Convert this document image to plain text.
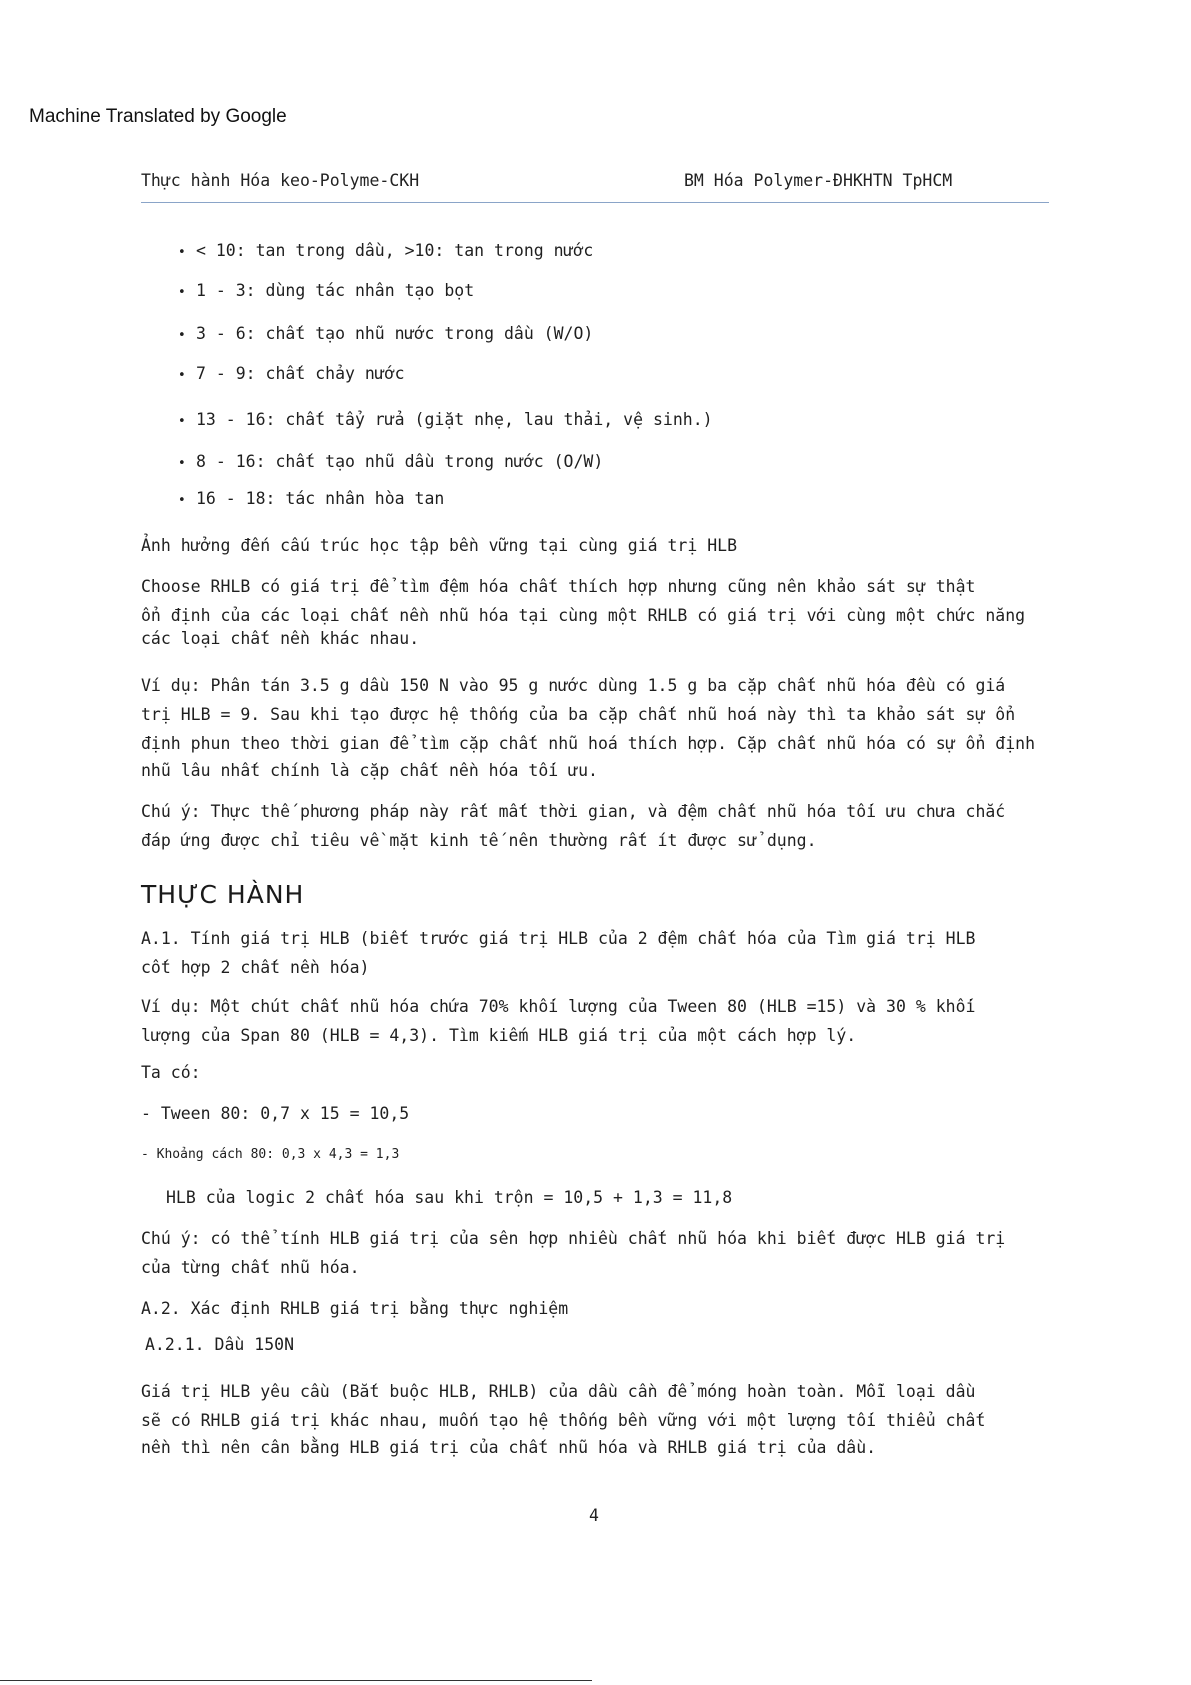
Machine Translated by Google
Thực hành Hóa keo-Polyme-CKH	BM Hóa Polymer-ĐHKHTN TpHCM
• < 10: tan trong dầu, >10: tan trong nước
• 1 - 3: dùng tác nhân tạo bọt
• 3 - 6: chất tạo nhũ nước trong dầu (W/O)
• 7 - 9: chất chảy nước
• 13 - 16: chất tẩy rửa (giặt nhẹ, lau thải, vệ sinh.)
• 8 - 16: chất tạo nhũ dầu trong nước (O/W)
• 16 - 18: tác nhân hòa tan
Ảnh hưởng đến cấu trúc học tập bền vững tại cùng giá trị HLB
Choose RHLB có giá trị để tìm đệm hóa chất thích hợp nhưng cũng nên khảo sát sự thật
ổn định của các loại chất nền nhũ hóa tại cùng một RHLB có giá trị với cùng một chức năng
các loại chất nền khác nhau.
Ví dụ: Phân tán 3.5 g dầu 150 N vào 95 g nước dùng 1.5 g ba cặp chất nhũ hóa đều có giá
trị HLB = 9. Sau khi tạo được hệ thống của ba cặp chất nhũ hoá này thì ta khảo sát sự ổn
định phun theo thời gian để tìm cặp chất nhũ hoá thích hợp. Cặp chất nhũ hóa có sự ổn định
nhũ lâu nhất chính là cặp chất nền hóa tối ưu.
Chú ý: Thực thế phương pháp này rất mất thời gian, và đệm chất nhũ hóa tối ưu chưa chắc
đáp ứng được chỉ tiêu về mặt kinh tế nên thường rất ít được sử dụng.
THỰC HÀNH
A.1. Tính giá trị HLB (biết trước giá trị HLB của 2 đệm chất hóa của Tìm giá trị HLB
cốt hợp 2 chất nền hóa)
Ví dụ: Một chút chất nhũ hóa chứa 70% khối lượng của Tween 80 (HLB =15) và 30 % khối
lượng của Span 80 (HLB = 4,3). Tìm kiếm HLB giá trị của một cách hợp lý.
Ta có:
- Tween 80: 0,7 x 15 = 10,5
- Khoảng cách 80: 0,3 x 4,3 = 1,3
HLB của logic 2 chất hóa sau khi trộn = 10,5 + 1,3 = 11,8
Chú ý: có thể tính HLB giá trị của sên hợp nhiều chất nhũ hóa khi biết được HLB giá trị
của từng chất nhũ hóa.
A.2. Xác định RHLB giá trị bằng thực nghiệm
A.2.1. Dầu 150N
Giá trị HLB yêu cầu (Bắt buộc HLB, RHLB) của dầu cần để móng hoàn toàn. Mỗi loại dầu
sẽ có RHLB giá trị khác nhau, muốn tạo hệ thống bền vững với một lượng tối thiểu chất
nền thì nên cân bằng HLB giá trị của chất nhũ hóa và RHLB giá trị của dầu.
4
